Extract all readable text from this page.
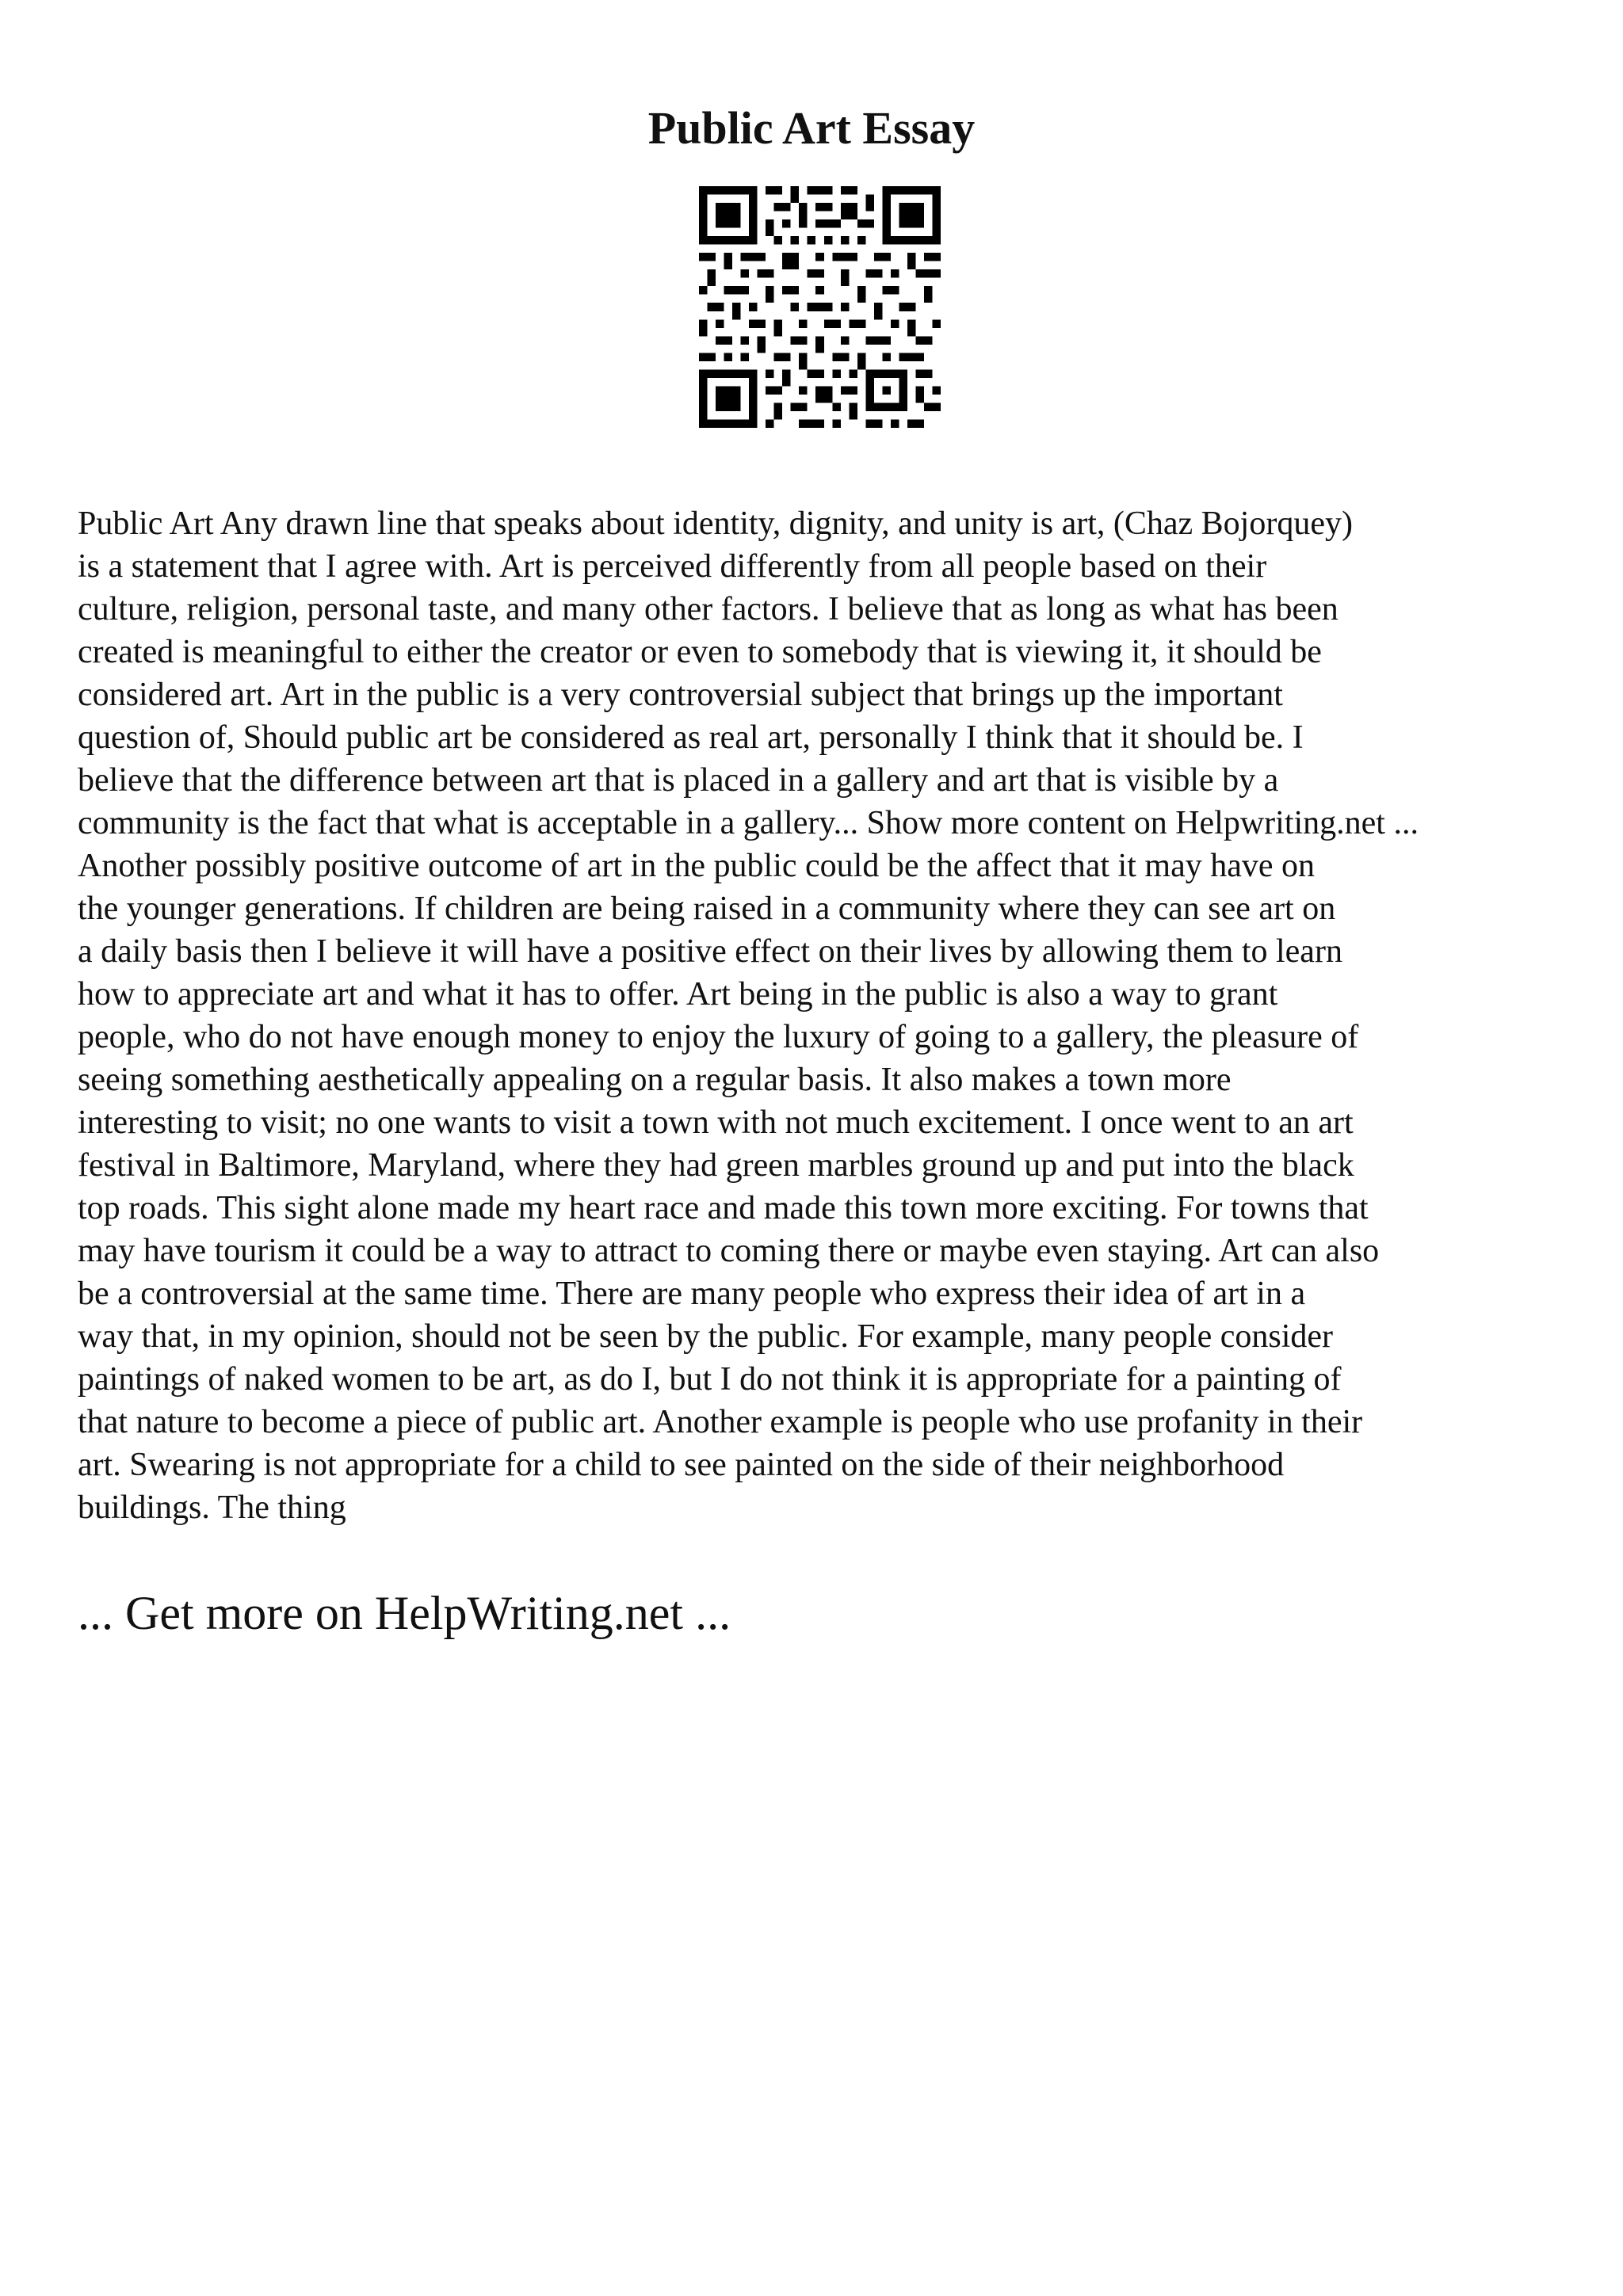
Public Art Essay
Public Art Any drawn line that speaks about identity, dignity, and unity is art, (Chaz Bojorquey)
is a statement that I agree with. Art is perceived differently from all people based on their
culture, religion, personal taste, and many other factors. I believe that as long as what has been
created is meaningful to either the creator or even to somebody that is viewing it, it should be
considered art. Art in the public is a very controversial subject that brings up the important
question of, Should public art be considered as real art, personally I think that it should be. I
believe that the difference between art that is placed in a gallery and art that is visible by a
community is the fact that what is acceptable in a gallery... Show more content on Helpwriting.net ...
Another possibly positive outcome of art in the public could be the affect that it may have on
the younger generations. If children are being raised in a community where they can see art on
a daily basis then I believe it will have a positive effect on their lives by allowing them to learn
how to appreciate art and what it has to offer. Art being in the public is also a way to grant
people, who do not have enough money to enjoy the luxury of going to a gallery, the pleasure of
seeing something aesthetically appealing on a regular basis. It also makes a town more
interesting to visit; no one wants to visit a town with not much excitement. I once went to an art
festival in Baltimore, Maryland, where they had green marbles ground up and put into the black
top roads. This sight alone made my heart race and made this town more exciting. For towns that
may have tourism it could be a way to attract to coming there or maybe even staying. Art can also
be a controversial at the same time. There are many people who express their idea of art in a
way that, in my opinion, should not be seen by the public. For example, many people consider
paintings of naked women to be art, as do I, but I do not think it is appropriate for a painting of
that nature to become a piece of public art. Another example is people who use profanity in their
art. Swearing is not appropriate for a child to see painted on the side of their neighborhood
buildings. The thing
... Get more on HelpWriting.net ...
